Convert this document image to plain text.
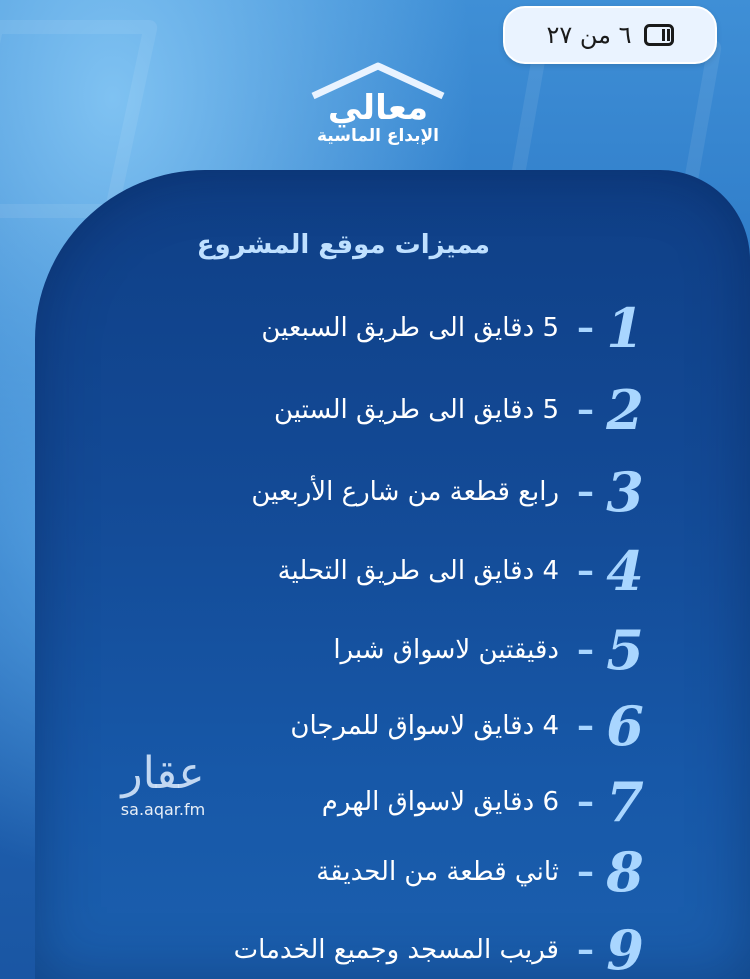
٦ من ٢٧
معالي
الإبداع الماسية
مميزات موقع المشروع
5 دقايق الى طريق السبعين – 1
5 دقايق الى طريق الستين – 2
رابع قطعة من شارع الأربعين – 3
4 دقايق الى طريق التحلية – 4
دقيقتين لاسواق شبرا – 5
4 دقايق لاسواق للمرجان – 6
6 دقايق لاسواق الهرم – 7
ثاني قطعة من الحديقة – 8
قريب المسجد وجميع الخدمات – 9
عقار
sa.aqar.fm
